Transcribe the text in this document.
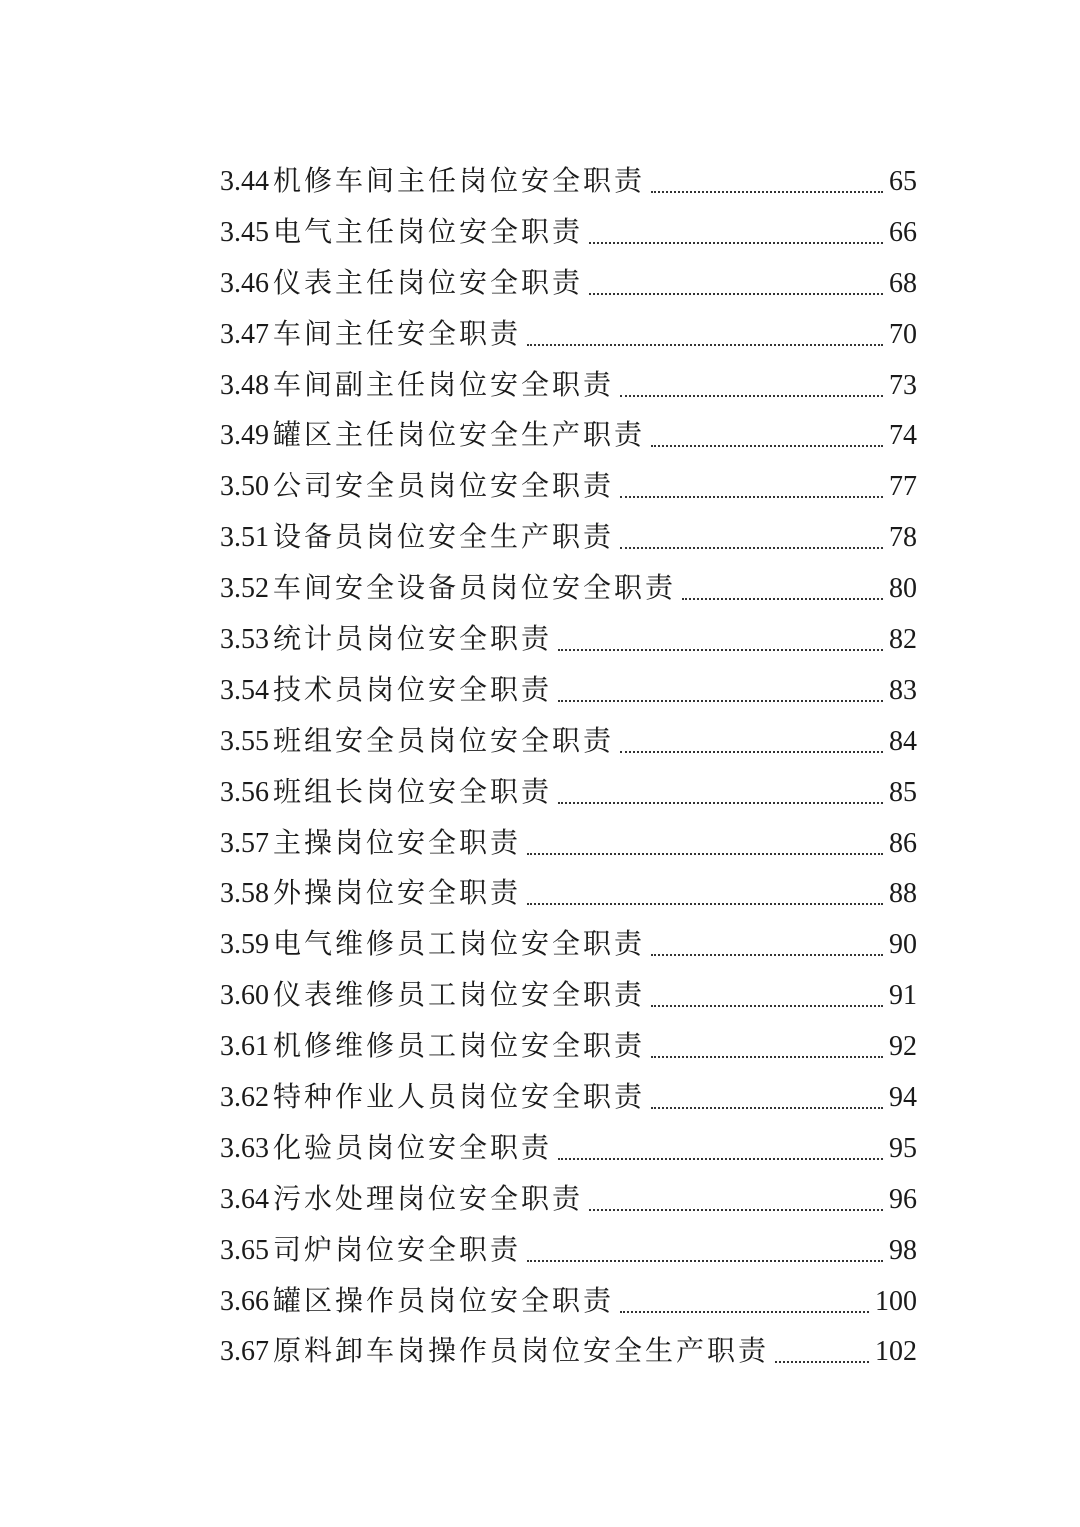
3.44 机修车间主任岗位安全职责	65
3.45 电气主任岗位安全职责	66
3.46 仪表主任岗位安全职责	68
3.47 车间主任安全职责	70
3.48 车间副主任岗位安全职责	73
3.49 罐区主任岗位安全生产职责	74
3.50 公司安全员岗位安全职责	77
3.51 设备员岗位安全生产职责	78
3.52 车间安全设备员岗位安全职责	80
3.53 统计员岗位安全职责	82
3.54 技术员岗位安全职责	83
3.55 班组安全员岗位安全职责	84
3.56 班组长岗位安全职责	85
3.57 主操岗位安全职责	86
3.58 外操岗位安全职责	88
3.59 电气维修员工岗位安全职责	90
3.60 仪表维修员工岗位安全职责	91
3.61 机修维修员工岗位安全职责	92
3.62 特种作业人员岗位安全职责	94
3.63 化验员岗位安全职责	95
3.64 污水处理岗位安全职责	96
3.65 司炉岗位安全职责	98
3.66 罐区操作员岗位安全职责	100
3.67 原料卸车岗操作员岗位安全生产职责	102
